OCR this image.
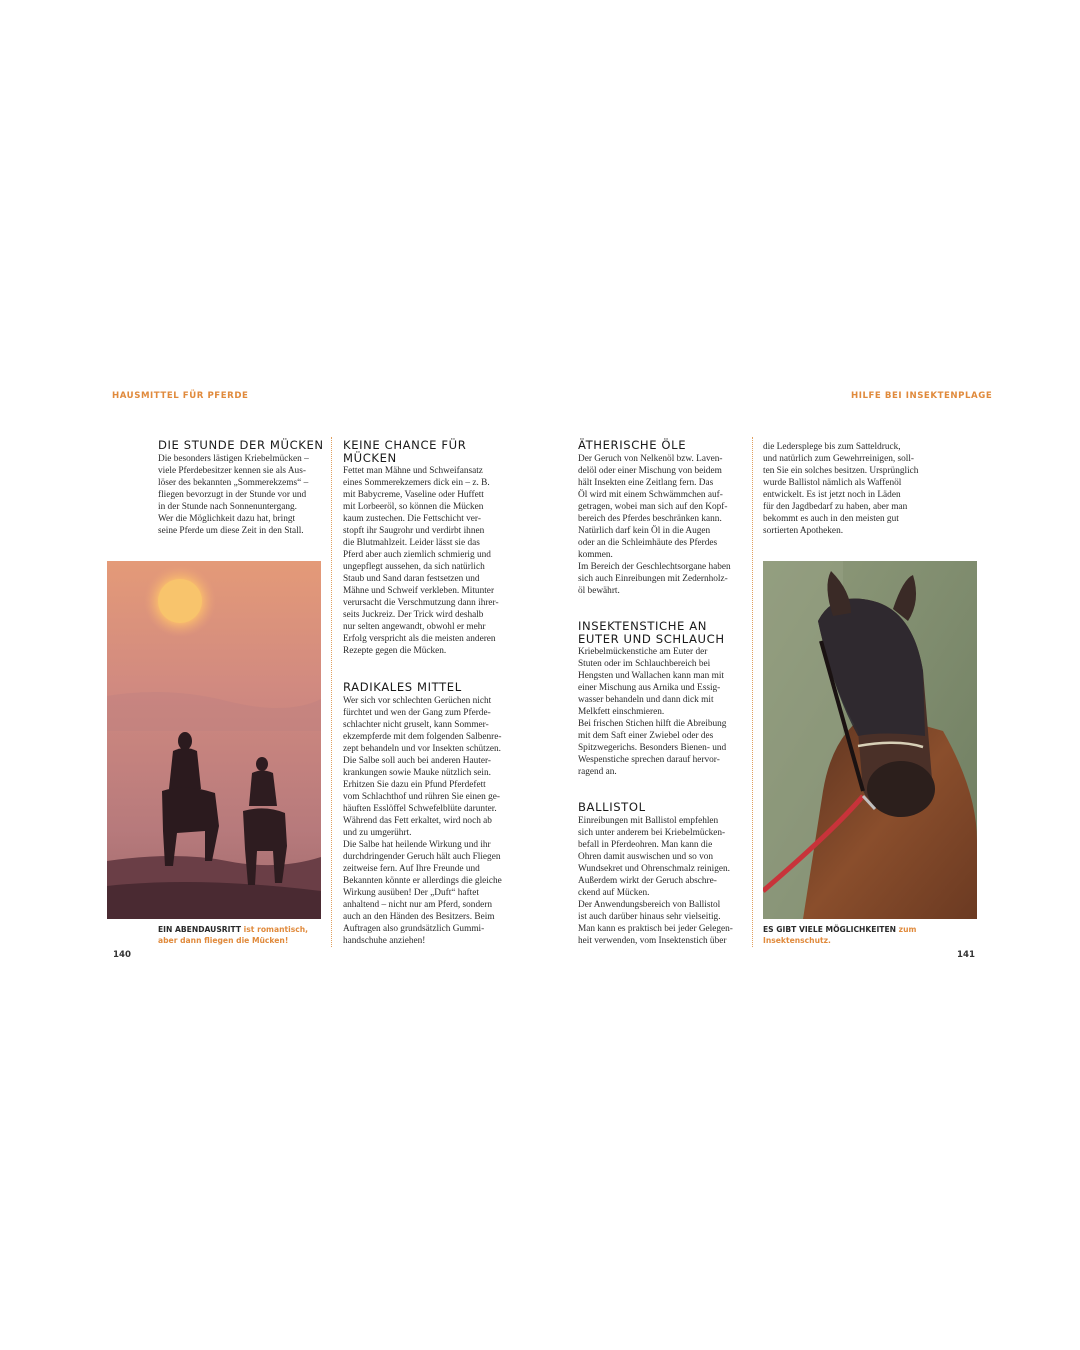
HAUSMITTEL FÜR PFERDE
DIE STUNDE DER MÜCKEN
Die besonders lästigen Kriebelmücken –
viele Pferdebesitzer kennen sie als Aus-
löser des bekannten „Sommerekzems“ –
fliegen bevorzugt in der Stunde vor und
in der Stunde nach Sonnenuntergang.
Wer die Möglichkeit dazu hat, bringt
seine Pferde um diese Zeit in den Stall.
EIN ABENDAUSRITT ist romantisch, aber dann fliegen die Mücken!
140
KEINE CHANCE FÜR MÜCKEN
Fettet man Mähne und Schweifansatz
eines Sommerekzemers dick ein – z. B.
mit Babycreme, Vaseline oder Huffett
mit Lorbeeröl, so können die Mücken
kaum zustechen. Die Fettschicht ver-
stopft ihr Saugrohr und verdirbt ihnen
die Blutmahlzeit. Leider lässt sie das
Pferd aber auch ziemlich schmierig und
ungepflegt aussehen, da sich natürlich
Staub und Sand daran festsetzen und
Mähne und Schweif verkleben. Mitunter
verursacht die Verschmutzung dann ihrer-
seits Juckreiz. Der Trick wird deshalb
nur selten angewandt, obwohl er mehr
Erfolg verspricht als die meisten anderen
Rezepte gegen die Mücken.
RADIKALES MITTEL
Wer sich vor schlechten Gerüchen nicht
fürchtet und wen der Gang zum Pferde-
schlachter nicht gruselt, kann Sommer-
ekzempferde mit dem folgenden Salbenre-
zept behandeln und vor Insekten schützen.
Die Salbe soll auch bei anderen Hauter-
krankungen sowie Mauke nützlich sein.
Erhitzen Sie dazu ein Pfund Pferdefett
vom Schlachthof und rühren Sie einen ge-
häuften Esslöffel Schwefelblüte darunter.
Während das Fett erkaltet, wird noch ab
und zu umgerührt.
Die Salbe hat heilende Wirkung und ihr
durchdringender Geruch hält auch Fliegen
zeitweise fern. Auf Ihre Freunde und
Bekannten könnte er allerdings die gleiche
Wirkung ausüben! Der „Duft“ haftet
anhaltend – nicht nur am Pferd, sondern
auch an den Händen des Besitzers. Beim
Auftragen also grundsätzlich Gummi-
handschuhe anziehen!
HILFE BEI INSEKTENPLAGE
ÄTHERISCHE ÖLE
Der Geruch von Nelkenöl bzw. Laven-
delöl oder einer Mischung von beidem
hält Insekten eine Zeitlang fern. Das
Öl wird mit einem Schwämmchen auf-
getragen, wobei man sich auf den Kopf-
bereich des Pferdes beschränken kann.
Natürlich darf kein Öl in die Augen
oder an die Schleimhäute des Pferdes
kommen.
Im Bereich der Geschlechtsorgane haben
sich auch Einreibungen mit Zedernholz-
öl bewährt.
INSEKTENSTICHE AN EUTER UND SCHLAUCH
Kriebelmückenstiche am Euter der
Stuten oder im Schlauchbereich bei
Hengsten und Wallachen kann man mit
einer Mischung aus Arnika und Essig-
wasser behandeln und dann dick mit
Melkfett einschmieren.
Bei frischen Stichen hilft die Abreibung
mit dem Saft einer Zwiebel oder des
Spitzwegerichs. Besonders Bienen- und
Wespenstiche sprechen darauf hervor-
ragend an.
BALLISTOL
Einreibungen mit Ballistol empfehlen
sich unter anderem bei Kriebelmücken-
befall in Pferdeohren. Man kann die
Ohren damit auswischen und so von
Wundsekret und Ohrenschmalz reinigen.
Außerdem wirkt der Geruch abschre-
ckend auf Mücken.
Der Anwendungsbereich von Ballistol
ist auch darüber hinaus sehr vielseitig.
Man kann es praktisch bei jeder Gelegen-
heit verwenden, vom Insektenstich über
die Ledersplege bis zum Satteldruck,
und natürlich zum Gewehrreinigen, soll-
ten Sie ein solches besitzen. Ursprünglich
wurde Ballistol nämlich als Waffenöl
entwickelt. Es ist jetzt noch in Läden
für den Jagdbedarf zu haben, aber man
bekommt es auch in den meisten gut
sortierten Apotheken.
ES GIBT VIELE MÖGLICHKEITEN zum Insektenschutz.
141
